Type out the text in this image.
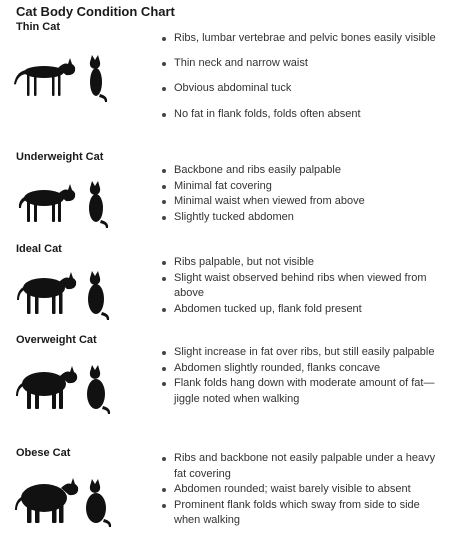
Cat Body Condition Chart
Thin Cat
Ribs, lumbar vertebrae and pelvic bones easily visible
Thin neck and narrow waist
Obvious abdominal tuck
No fat in flank folds, folds often absent
Underweight Cat
Backbone and ribs easily palpable
Minimal fat covering
Minimal waist when viewed from above
Slightly tucked abdomen
Ideal Cat
Ribs palpable, but not visible
Slight waist observed behind ribs when viewed from above
Abdomen tucked up, flank fold present
Overweight Cat
Slight increase in fat over ribs, but still easily palpable
Abdomen slightly rounded, flanks concave
Flank folds hang down with moderate amount of fat—jiggle noted when walking
Obese Cat	Ribs and backbone not easily palpable under a heavy fat covering
Abdomen rounded; waist barely visible to absent
Prominent flank folds which sway from side to side when walking
